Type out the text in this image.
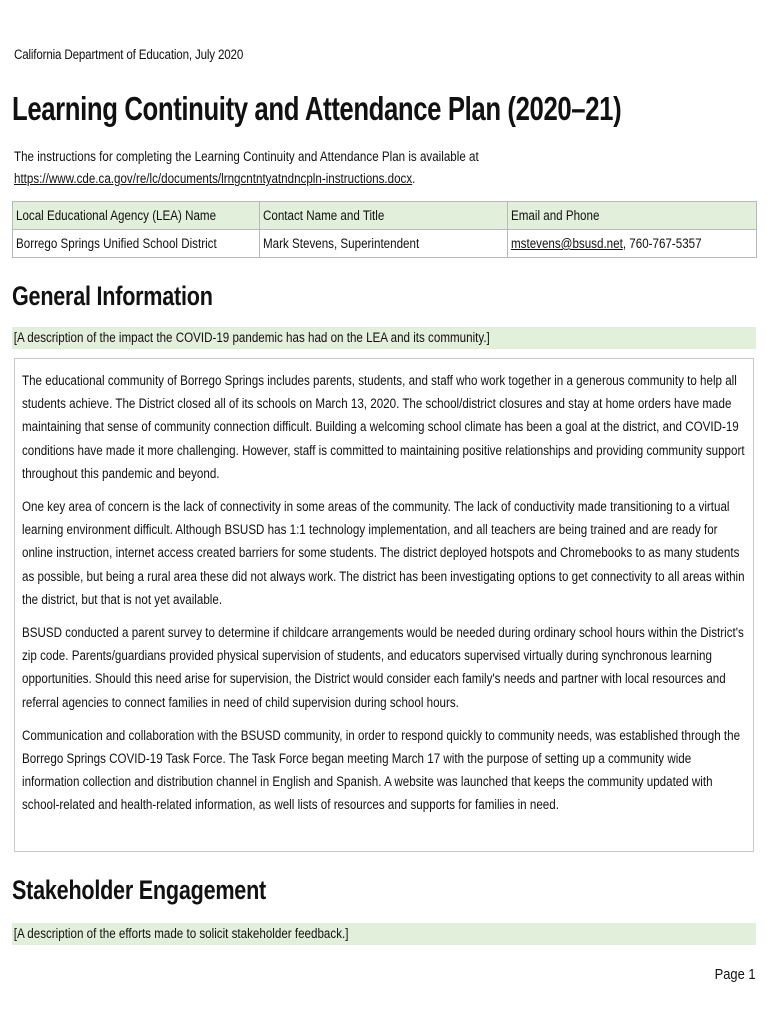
California Department of Education, July 2020
Learning Continuity and Attendance Plan (2020–21)
The instructions for completing the Learning Continuity and Attendance Plan is available at
https://www.cde.ca.gov/re/lc/documents/lrngcntntyatndncpln-instructions.docx.
Local Educational Agency (LEA) Name	Contact Name and Title	Email and Phone
Borrego Springs Unified School District	Mark Stevens, Superintendent	mstevens@bsusd.net, 760-767-5357
General Information
[A description of the impact the COVID-19 pandemic has had on the LEA and its community.]

The educational community of Borrego Springs includes parents, students, and staff who work together in a generous community to help all students achieve. The District closed all of its schools on March 13, 2020. The school/district closures and stay at home orders have made maintaining that sense of community connection difficult. Building a welcoming school climate has been a goal at the district, and COVID-19 conditions have made it more challenging. However, staff is committed to maintaining positive relationships and providing community support throughout this pandemic and beyond.

One key area of concern is the lack of connectivity in some areas of the community. The lack of conductivity made transitioning to a virtual learning environment difficult. Although BSUSD has 1:1 technology implementation, and all teachers are being trained and are ready for online instruction, internet access created barriers for some students. The district deployed hotspots and Chromebooks to as many students as possible, but being a rural area these did not always work. The district has been investigating options to get connectivity to all areas within the district, but that is not yet available.

BSUSD conducted a parent survey to determine if childcare arrangements would be needed during ordinary school hours within the District's zip code. Parents/guardians provided physical supervision of students, and educators supervised virtually during synchronous learning opportunities. Should this need arise for supervision, the District would consider each family's needs and partner with local resources and referral agencies to connect families in need of child supervision during school hours.

Communication and collaboration with the BSUSD community, in order to respond quickly to community needs, was established through the Borrego Springs COVID-19 Task Force. The Task Force began meeting March 17 with the purpose of setting up a community wide information collection and distribution channel in English and Spanish. A website was launched that keeps the community updated with school-related and health-related information, as well lists of resources and supports for families in need.

Stakeholder Engagement
[A description of the efforts made to solicit stakeholder feedback.]
Page 1
